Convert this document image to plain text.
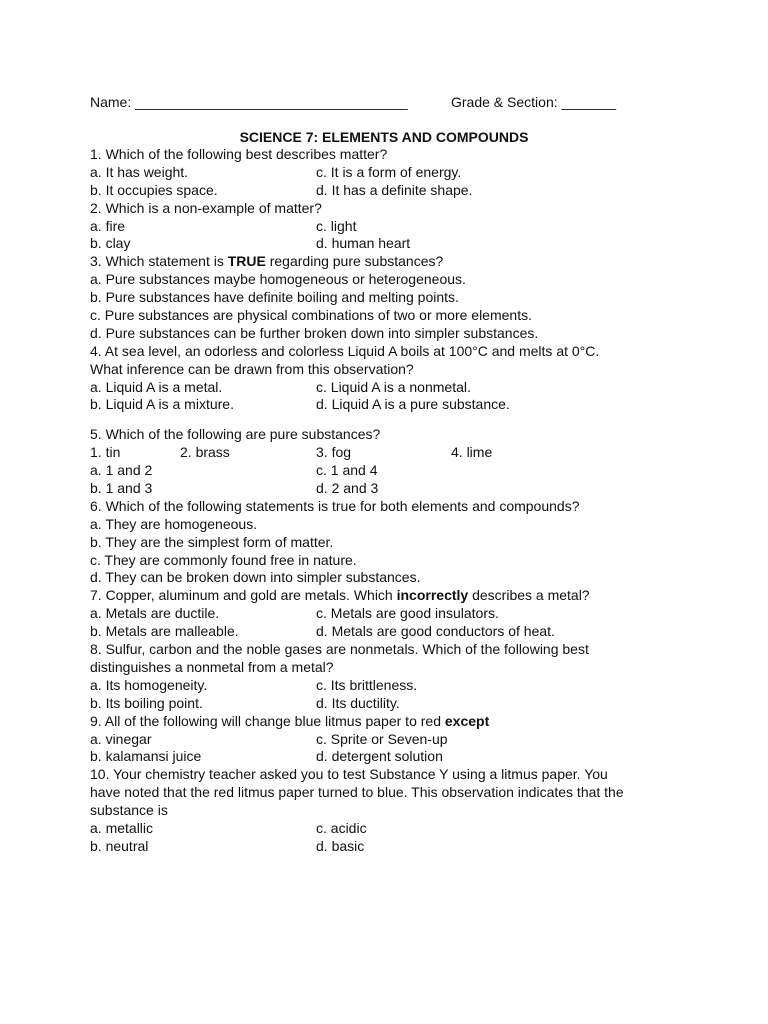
Name: ___________________________________

	Grade & Section: _______

SCIENCE 7: ELEMENTS AND COMPOUNDS
1. Which of the following best describes matter?
a. It has weight.	c. It is a form of energy.
b. It occupies space.	d. It has a definite shape.
2. Which is a non-example of matter?
a. fire	c. light
b. clay	d. human heart
3. Which statement is TRUE regarding pure substances?
a. Pure substances maybe homogeneous or heterogeneous.
b. Pure substances have definite boiling and melting points.
c. Pure substances are physical combinations of two or more elements.
d. Pure substances can be further broken down into simpler substances.
4. At sea level, an odorless and colorless Liquid A boils at 100°C and melts at 0°C.
What inference can be drawn from this observation?
a. Liquid A is a metal.	c. Liquid A is a nonmetal.
b. Liquid A is a mixture.	d. Liquid A is a pure substance.
5. Which of the following are pure substances?
1. tin	2. brass	3. fog	4. lime
a. 1 and 2	c. 1 and 4
b. 1 and 3	d. 2 and 3
6. Which of the following statements is true for both elements and compounds?
a. They are homogeneous.
b. They are the simplest form of matter.
c. They are commonly found free in nature.
d. They can be broken down into simpler substances.
7. Copper, aluminum and gold are metals. Which incorrectly describes a metal?
a. Metals are ductile.	c. Metals are good insulators.
b. Metals are malleable.	d. Metals are good conductors of heat.
8. Sulfur, carbon and the noble gases are nonmetals. Which of the following best
distinguishes a nonmetal from a metal?
a. Its homogeneity.	c. Its brittleness.
b. Its boiling point.	d. Its ductility.
9. All of the following will change blue litmus paper to red except
a. vinegar	c. Sprite or Seven-up
b. kalamansi juice	d. detergent solution
10. Your chemistry teacher asked you to test Substance Y using a litmus paper. You
have noted that the red litmus paper turned to blue. This observation indicates that the
substance is
a. metallic	c. acidic
b. neutral	d. basic
